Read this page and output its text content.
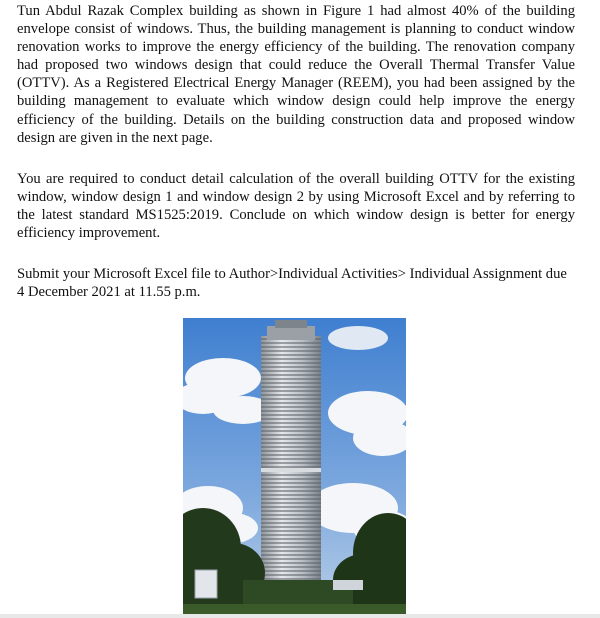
Tun Abdul Razak Complex building as shown in Figure 1 had almost 40% of the building envelope consist of windows. Thus, the building management is planning to conduct window renovation works to improve the energy efficiency of the building. The renovation company had proposed two windows design that could reduce the Overall Thermal Transfer Value (OTTV). As a Registered Electrical Energy Manager (REEM), you had been assigned by the building management to evaluate which window design could help improve the energy efficiency of the building. Details on the building construction data and proposed window design are given in the next page.

You are required to conduct detail calculation of the overall building OTTV for the existing window, window design 1 and window design 2 by using Microsoft Excel and by referring to the latest standard MS1525:2019. Conclude on which window design is better for energy efficiency improvement.

Submit your Microsoft Excel file to Author>Individual Activities> Individual Assignment due 4 December 2021 at 11.55 p.m.
